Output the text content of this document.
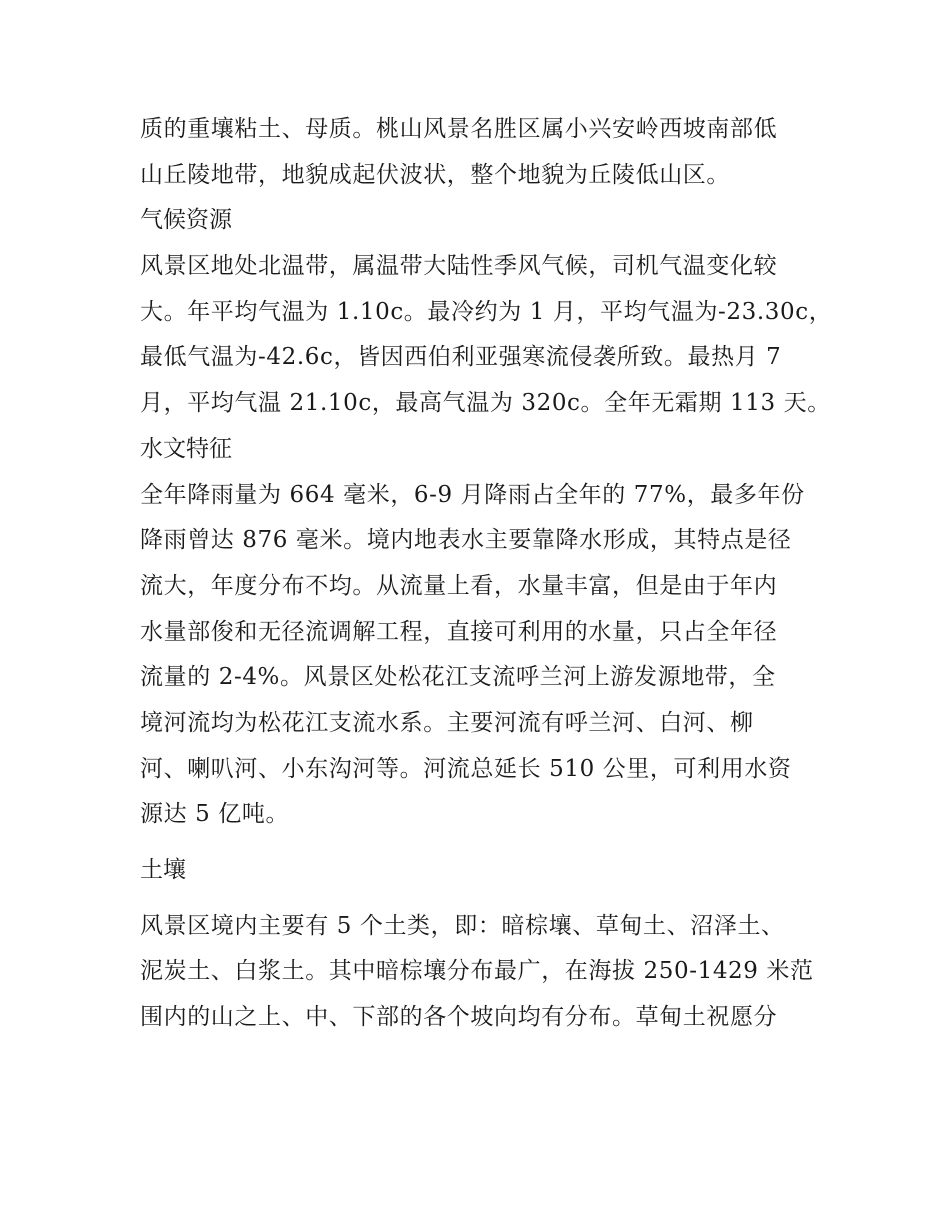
质的重壤粘土、母质。桃山风景名胜区属小兴安岭西坡南部低
山丘陵地带，地貌成起伏波状，整个地貌为丘陵低山区。
气候资源
风景区地处北温带，属温带大陆性季风气候，司机气温变化较
大。年平均气温为 1.10c。最冷约为 1 月，平均气温为-23.30c，
最低气温为-42.6c，皆因西伯利亚强寒流侵袭所致。最热月 7
月，平均气温 21.10c，最高气温为 320c。全年无霜期 113 天。
水文特征
全年降雨量为 664 毫米，6-9 月降雨占全年的 77%，最多年份
降雨曾达 876 毫米。境内地表水主要靠降水形成，其特点是径
流大，年度分布不均。从流量上看，水量丰富，但是由于年内
水量部俊和无径流调解工程，直接可利用的水量，只占全年径
流量的 2-4%。风景区处松花江支流呼兰河上游发源地带，全
境河流均为松花江支流水系。主要河流有呼兰河、白河、柳
河、喇叭河、小东沟河等。河流总延长 510 公里，可利用水资
源达 5 亿吨。
土壤
风景区境内主要有 5 个土类，即：暗棕壤、草甸土、沼泽土、
泥炭土、白浆土。其中暗棕壤分布最广，在海拔 250-1429 米范
围内的山之上、中、下部的各个坡向均有分布。草甸土祝愿分
